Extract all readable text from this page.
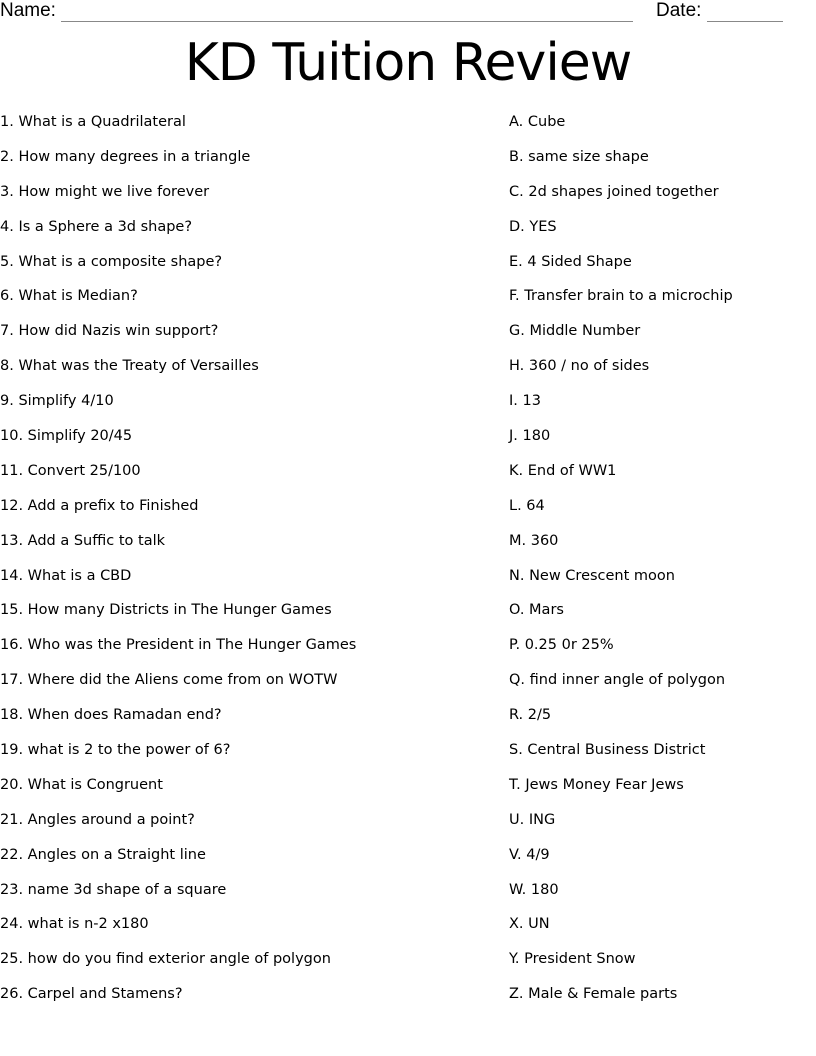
Name:	Date:
KD Tuition Review
1. What is a Quadrilateral
2. How many degrees in a triangle
3. How might we live forever
4. Is a Sphere a 3d shape?
5. What is a composite shape?
6. What is Median?
7. How did Nazis win support?
8. What was the Treaty of Versailles
9. Simplify 4/10
10. Simplify 20/45
11. Convert 25/100
12. Add a prefix to Finished
13. Add a Suffic to talk
14. What is a CBD
15. How many Districts in The Hunger Games
16. Who was the President in The Hunger Games
17. Where did the Aliens come from on WOTW
18. When does Ramadan end?
19. what is 2 to the power of 6?
20. What is Congruent
21. Angles around a point?
22. Angles on a Straight line
23. name 3d shape of a square
24. what is n-2 x180
25. how do you find exterior angle of polygon
26. Carpel and Stamens?
A. Cube
B. same size shape
C. 2d shapes joined together
D. YES
E. 4 Sided Shape
F. Transfer brain to a microchip
G. Middle Number
H. 360 / no of sides
I. 13
J. 180
K. End of WW1
L. 64
M. 360
N. New Crescent moon
O. Mars
P. 0.25 0r 25%
Q. find inner angle of polygon
R. 2/5
S. Central Business District
T. Jews Money Fear Jews
U. ING
V. 4/9
W. 180
X. UN
Y. President Snow
Z. Male & Female parts
